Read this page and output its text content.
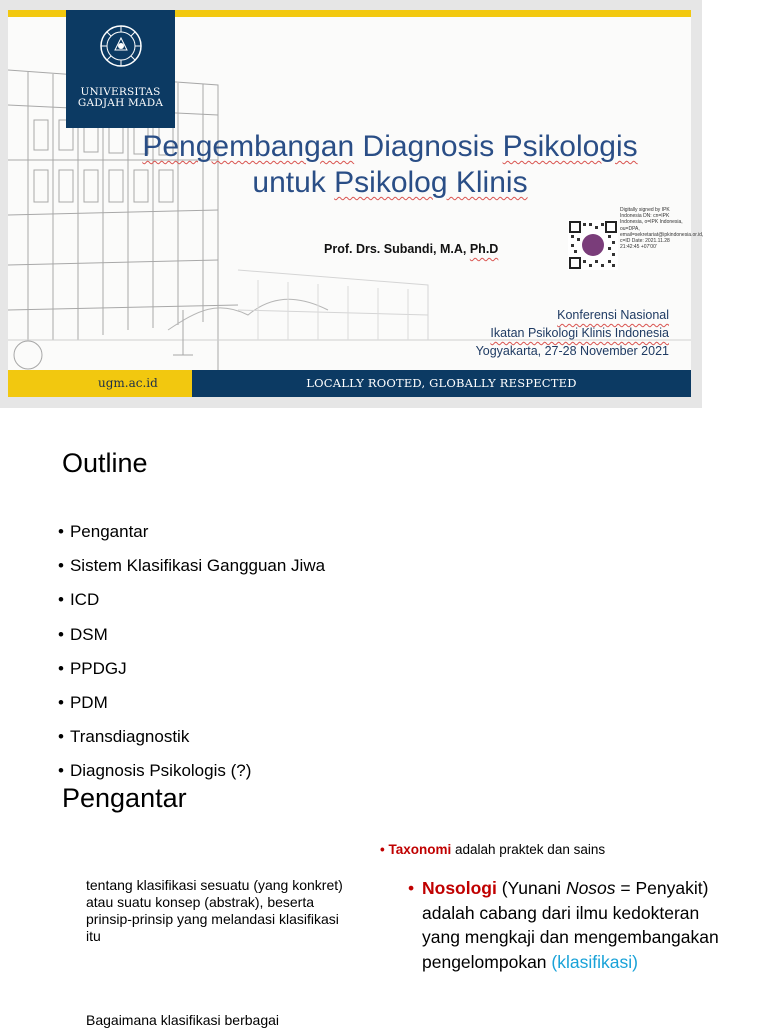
UNIVERSITAS
GADJAH MADA
Pengembangan Diagnosis Psikologis
untuk Psikolog Klinis
Prof. Drs. Subandi, M.A, Ph.D
Digitally signed by IPK Indonesia DN: cn=IPK Indonesia, o=IPK Indonesia, ou=DPA, email=sekretariat@ipkindonesia.or.id, c=ID Date: 2021.11.28 21:42:45 +07'00'
Konferensi Nasional
Ikatan Psikologi Klinis Indonesia
Yogyakarta, 27-28 November 2021
ugm.ac.id	LOCALLY ROOTED, GLOBALLY RESPECTED
Outline
• Pengantar
• Sistem Klasifikasi Gangguan Jiwa
• ICD
• DSM
• PPDGJ
• PDM
• Transdiagnostik
• Diagnosis Psikologis (?)
Pengantar
• Taxonomi adalah praktek dan sains
tentang klasifikasi sesuatu (yang konkret) atau suatu konsep (abstrak), beserta prinsip-prinsip yang melandasi klasifikasi itu
Bagaimana klasifikasi berbagai
• Nosologi (Yunani Nosos = Penyakit) adalah cabang dari ilmu kedokteran yang mengkaji dan mengembangakan pengelompokan (klasifikasi)
